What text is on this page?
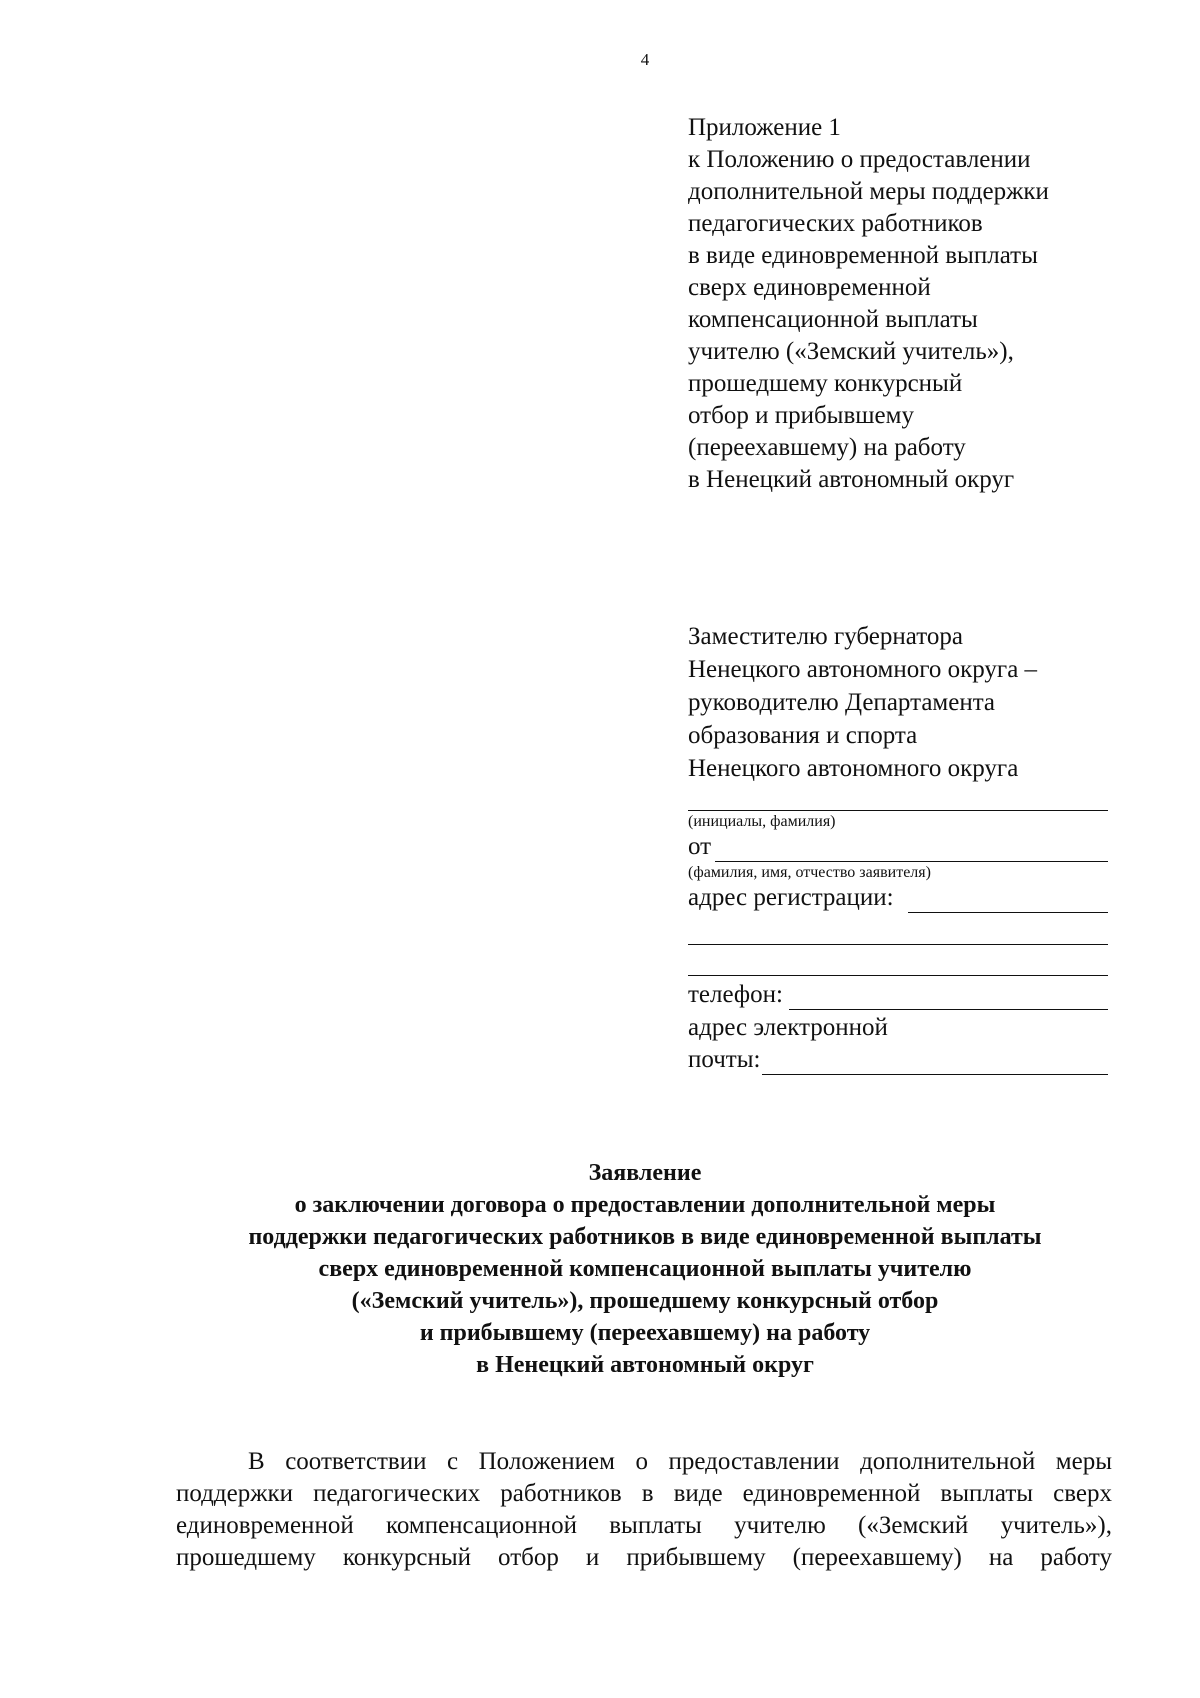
4
Приложение 1
к Положению о предоставлении
дополнительной меры поддержки
педагогических работников
в виде единовременной выплаты
сверх единовременной
компенсационной выплаты
учителю («Земский учитель»),
прошедшему конкурсный
отбор и прибывшему
(переехавшему) на работу
в Ненецкий автономный округ
Заместителю губернатора
Ненецкого автономного округа –
руководителю Департамента
образования и спорта
Ненецкого автономного округа
(инициалы, фамилия)
от
(фамилия, имя, отчество заявителя)
адрес регистрации:
телефон:
адрес электронной
почты:
Заявление
о заключении договора о предоставлении дополнительной меры
поддержки педагогических работников в виде единовременной выплаты
сверх единовременной компенсационной выплаты учителю
(«Земский учитель»), прошедшему конкурсный отбор
и прибывшему (переехавшему) на работу
в Ненецкий автономный округ
В соответствии с Положением о предоставлении дополнительной меры
поддержки педагогических работников в виде единовременной выплаты сверх
единовременной компенсационной выплаты учителю («Земский учитель»),
прошедшему конкурсный отбор и прибывшему (переехавшему) на работу
